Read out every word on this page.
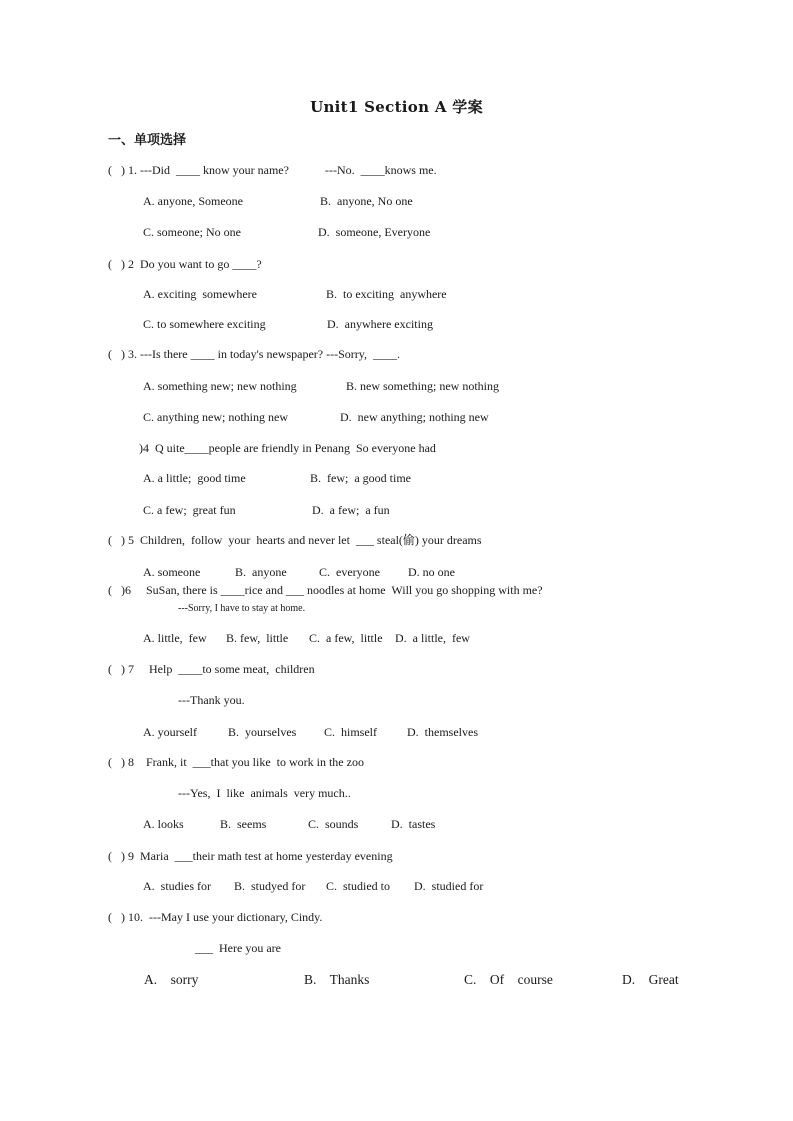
Unit1 Section A 学案
一、单项选择
(   ) 1. ---Did  ____ know your name?            ---No.  ____knows me.
A. anyone, Someone	B.  anyone, No one
C. someone; No one	D.  someone, Everyone
(   ) 2  Do you want to go ____?
A. exciting  somewhere	B.  to exciting  anywhere
C. to somewhere exciting	D.  anywhere exciting
(   ) 3. ---Is there ____ in today's newspaper? ---Sorry,  ____.
A. something new; new nothing	B. new something; new nothing
C. anything new; nothing new	D.  new anything; nothing new
)4  Q uite____people are friendly in Penang  So everyone had
A. a little;  good time	B.  few;  a good time
C. a few;  great fun	D.  a few;  a fun
(   ) 5  Children,  follow  your  hearts and never let  ___ steal(偷) your dreams
A. someone	B.  anyone	C.  everyone D. no one
(   )6     SuSan, there is ____rice and ___ noodles at home  Will you go shopping with me?
---Sorry, I have to stay at home.
A. little,  few B. few,  little C.  a few,  little D.  a little,  few
(   ) 7     Help  ____to some meat,  children
---Thank you.
A. yourself	B.  yourselves C.  himself	D.  themselves
(   ) 8    Frank, it  ___that you like  to work in the zoo
---Yes,  I  like  animals  very much..
A. looks	B.  seems	C.  sounds	D.  tastes
(   ) 9  Maria  ___their math test at home yesterday evening
A.  studies for B.  studyed for C.  studied to D.  studied for
(   ) 10.  ---May I use your dictionary, Cindy.
___  Here you are
A.    sorry	B.    Thanks	C.    Of    course	D.    Great
